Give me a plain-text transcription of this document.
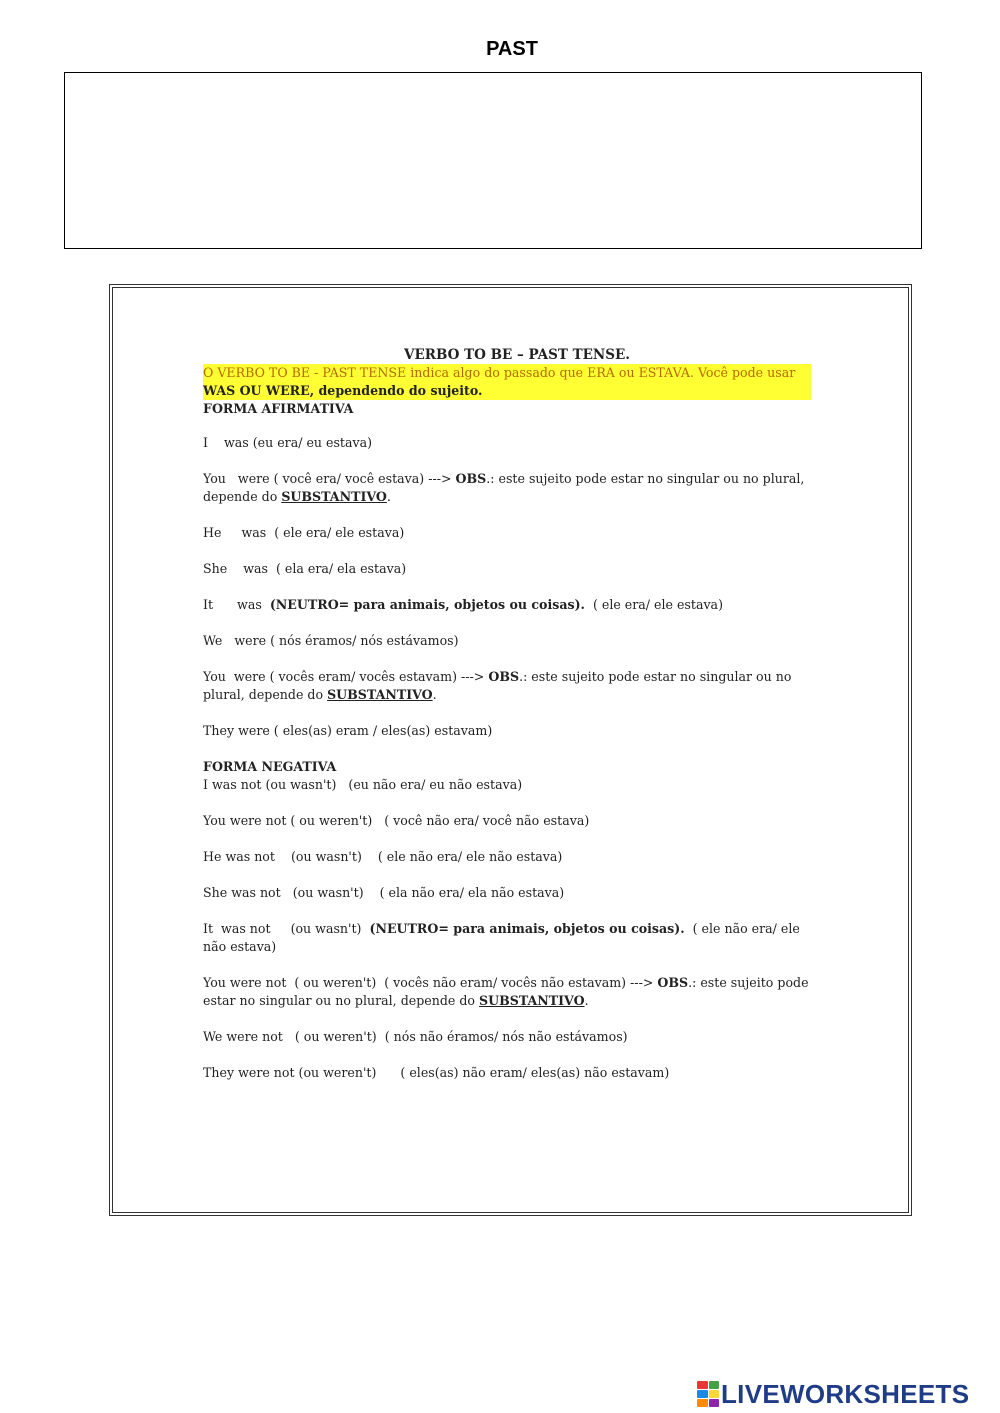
PAST
VERBO TO BE – PAST TENSE.

O VERBO TO BE - PAST TENSE indica algo do passado que ERA ou ESTAVA. Você pode usar WAS OU WERE, dependendo do sujeito.

FORMA AFIRMATIVA

I    was (eu era/ eu estava)

You   were ( você era/ você estava) ---> OBS.: este sujeito pode estar no singular ou no plural, depende do SUBSTANTIVO.

He     was  ( ele era/ ele estava)

She    was  ( ela era/ ela estava)

It      was  (NEUTRO= para animais, objetos ou coisas).  ( ele era/ ele estava)

We   were ( nós éramos/ nós estávamos)

You  were ( vocês eram/ vocês estavam) ---> OBS.: este sujeito pode estar no singular ou no plural, depende do SUBSTANTIVO.

They were ( eles(as) eram / eles(as) estavam)

FORMA NEGATIVA

I was not (ou wasn't)   (eu não era/ eu não estava)

You were not ( ou weren't)   ( você não era/ você não estava)

He was not    (ou wasn't)    ( ele não era/ ele não estava)

She was not   (ou wasn't)    ( ela não era/ ela não estava)

It  was not     (ou wasn't)  (NEUTRO= para animais, objetos ou coisas).  ( ele não era/ ele não estava)

You were not  ( ou weren't)  ( vocês não eram/ vocês não estavam) ---> OBS.: este sujeito pode estar no singular ou no plural, depende do SUBSTANTIVO.

We were not   ( ou weren't)  ( nós não éramos/ nós não estávamos)

They were not (ou weren't)      ( eles(as) não eram/ eles(as) não estavam)

LIVEWORKSHEETS
